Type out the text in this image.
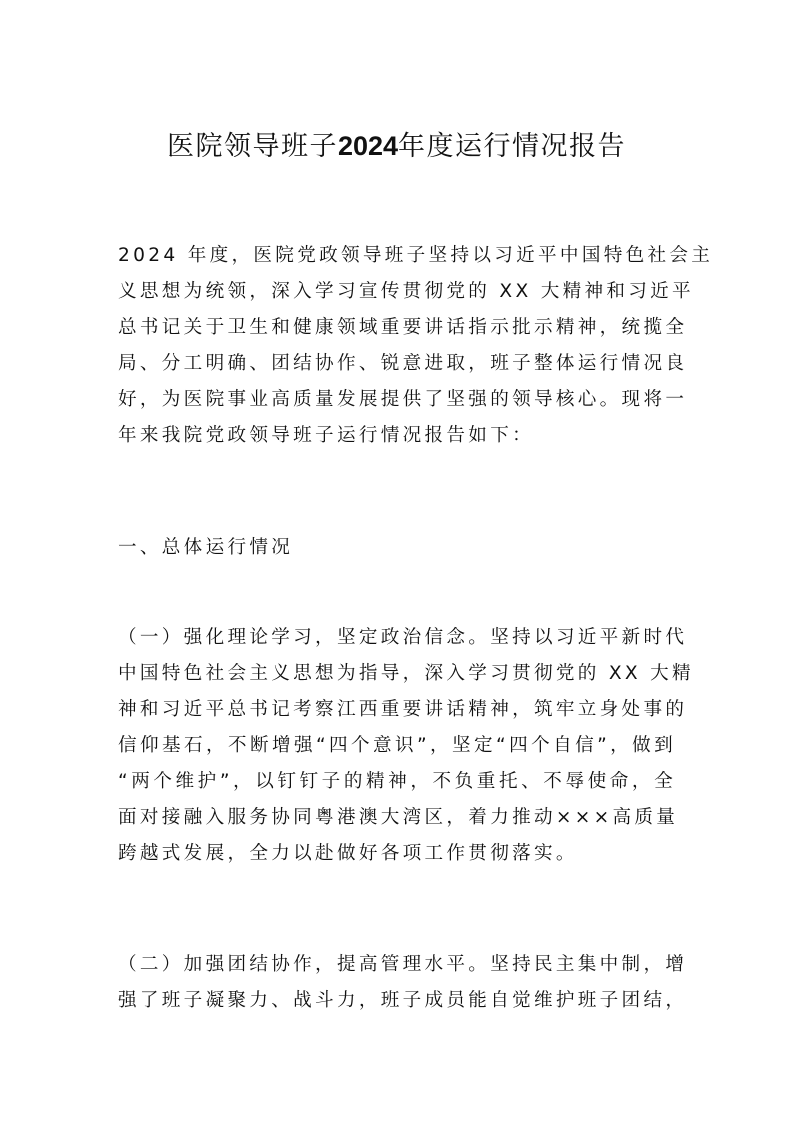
医院领导班子2024年度运行情况报告
2024 年度，医院党政领导班子坚持以习近平中国特色社会主
义思想为统领，深入学习宣传贯彻党的 XX 大精神和习近平
总书记关于卫生和健康领域重要讲话指示批示精神，统揽全
局、分工明确、团结协作、锐意进取，班子整体运行情况良
好，为医院事业高质量发展提供了坚强的领导核心。现将一
年来我院党政领导班子运行情况报告如下：
一、总体运行情况
（一）强化理论学习，坚定政治信念。坚持以习近平新时代
中国特色社会主义思想为指导，深入学习贯彻党的 XX 大精
神和习近平总书记考察江西重要讲话精神，筑牢立身处事的
信仰基石，不断增强“四个意识”，坚定“四个自信”，做到
“两个维护”，以钉钉子的精神，不负重托、不辱使命，全
面对接融入服务协同粤港澳大湾区，着力推动×××高质量
跨越式发展，全力以赴做好各项工作贯彻落实。
（二）加强团结协作，提高管理水平。坚持民主集中制，增
强了班子凝聚力、战斗力，班子成员能自觉维护班子团结，
